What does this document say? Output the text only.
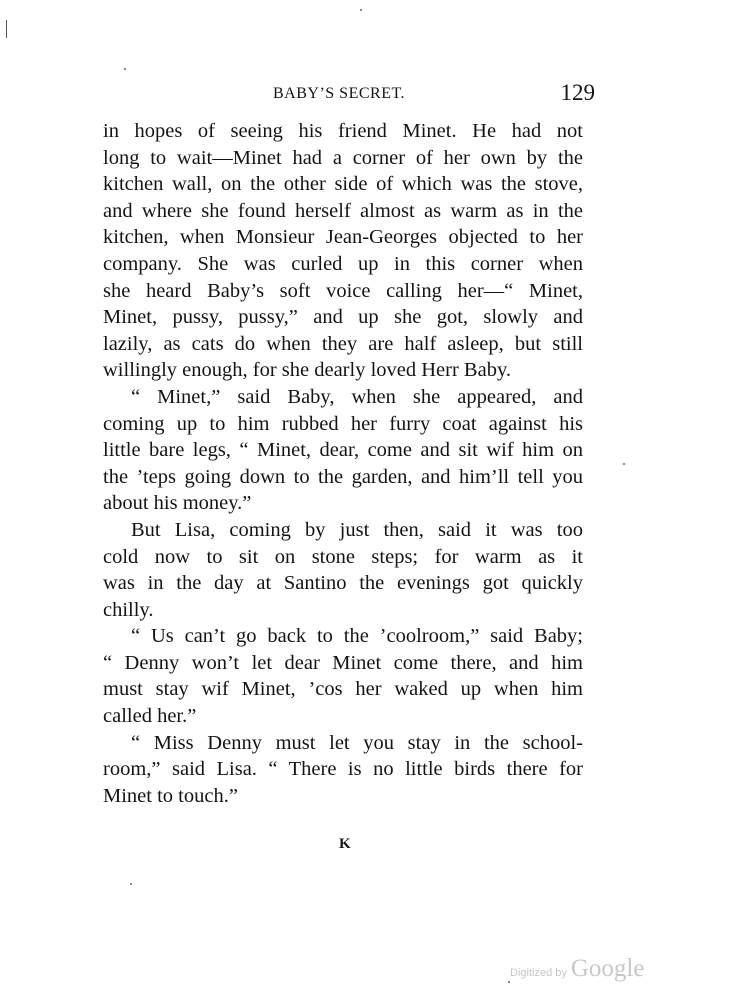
BABY’S SECRET.	129
in hopes of seeing his friend Minet. He had not
long to wait—Minet had a corner of her own by the
kitchen wall, on the other side of which was the stove,
and where she found herself almost as warm as in the
kitchen, when Monsieur Jean-Georges objected to her
company. She was curled up in this corner when
she heard Baby’s soft voice calling her—“ Minet,
Minet, pussy, pussy,” and up she got, slowly and
lazily, as cats do when they are half asleep, but still
willingly enough, for she dearly loved Herr Baby.
“ Minet,” said Baby, when she appeared, and
coming up to him rubbed her furry coat against his
little bare legs, “ Minet, dear, come and sit wif him on
the ’teps going down to the garden, and him’ll tell you
about his money.”
But Lisa, coming by just then, said it was too
cold now to sit on stone steps; for warm as it
was in the day at Santino the evenings got quickly
chilly.
“ Us can’t go back to the ’coolroom,” said Baby;
“ Denny won’t let dear Minet come there, and him
must stay wif Minet, ’cos her waked up when him
called her.”
“ Miss Denny must let you stay in the school-
room,” said Lisa. “ There is no little birds there for
Minet to touch.”
K
Digitized by Google
